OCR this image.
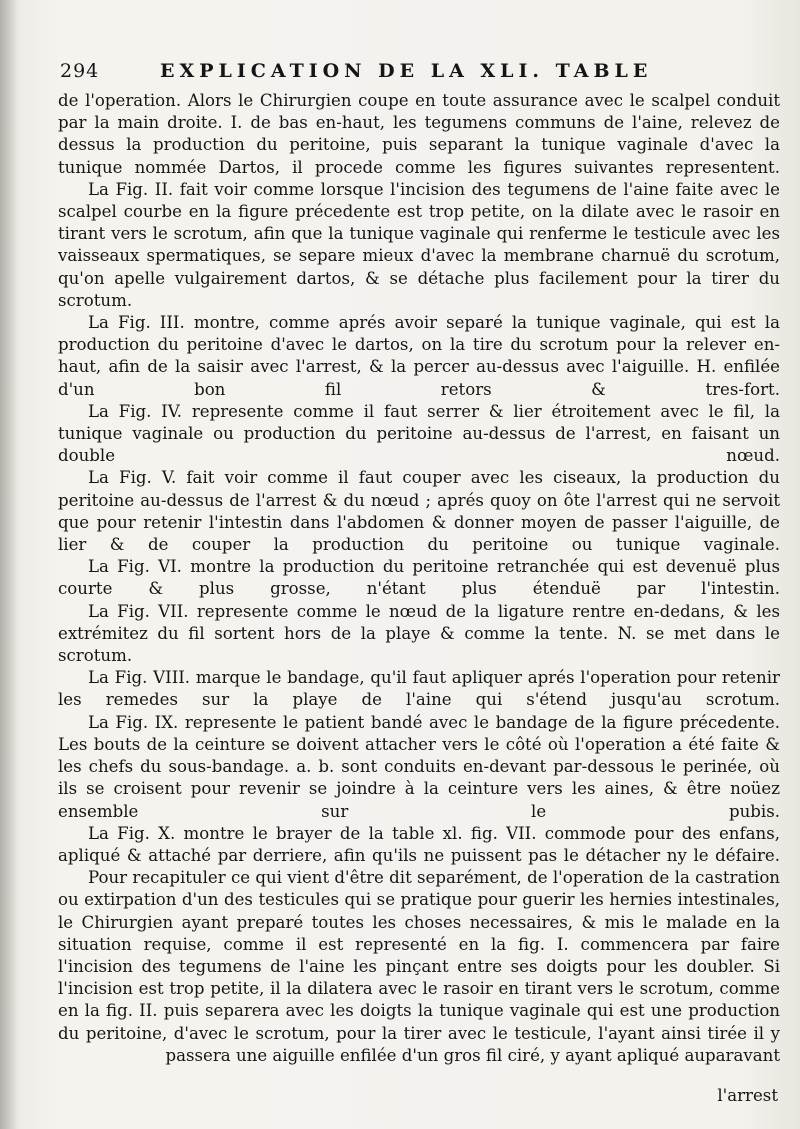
294	EXPLICATION DE LA XLI. TABLE

de l'operation. Alors le Chirurgien coupe en toute assurance avec le scalpel conduit par la main droite. I. de bas en-haut, les tegumens communs de l'aine, relevez de dessus la production du peritoine, puis separant la tunique vaginale d'avec la tunique nommée Dartos, il procede comme les figures suivantes representent.

La Fig. II. fait voir comme lorsque l'incision des tegumens de l'aine faite avec le scalpel courbe en la figure précedente est trop petite, on la dilate avec le rasoir en tirant vers le scrotum, afin que la tunique vaginale qui renferme le testicule avec les vaisseaux spermatiques, se separe mieux d'avec la membrane charnuë du scrotum, qu'on apelle vulgairement dartos, & se détache plus facilement pour la tirer du scrotum.

La Fig. III. montre, comme aprés avoir separé la tunique vaginale, qui est la production du peritoine d'avec le dartos, on la tire du scrotum pour la relever en-haut, afin de la saisir avec l'arrest, & la percer au-dessus avec l'aiguille. H. enfilée d'un bon fil retors & tres-fort.

La Fig. IV. represente comme il faut serrer & lier étroitement avec le fil, la tunique vaginale ou production du peritoine au-dessus de l'arrest, en faisant un double nœud.

La Fig. V. fait voir comme il faut couper avec les ciseaux, la production du peritoine au-dessus de l'arrest & du nœud ; aprés quoy on ôte l'arrest qui ne servoit que pour retenir l'intestin dans l'abdomen & donner moyen de passer l'aiguille, de lier & de couper la production du peritoine ou tunique vaginale.

La Fig. VI. montre la production du peritoine retranchée qui est devenuë plus courte & plus grosse, n'étant plus étenduë par l'intestin.

La Fig. VII. represente comme le nœud de la ligature rentre en-dedans, & les extrémitez du fil sortent hors de la playe & comme la tente. N. se met dans le scrotum.

La Fig. VIII. marque le bandage, qu'il faut apliquer aprés l'operation pour retenir les remedes sur la playe de l'aine qui s'étend jusqu'au scrotum.

La Fig. IX. represente le patient bandé avec le bandage de la figure précedente. Les bouts de la ceinture se doivent attacher vers le côté où l'operation a été faite & les chefs du sous-bandage. a. b. sont conduits en-devant par-dessous le perinée, où ils se croisent pour revenir se joindre à la ceinture vers les aines, & être noüez ensemble sur le pubis.

La Fig. X. montre le brayer de la table xl. fig. VII. commode pour des enfans, apliqué & attaché par derriere, afin qu'ils ne puissent pas le détacher ny le défaire.

Pour recapituler ce qui vient d'être dit separément, de l'operation de la castration ou extirpation d'un des testicules qui se pratique pour guerir les hernies intestinales, le Chirurgien ayant preparé toutes les choses necessaires, & mis le malade en la situation requise, comme il est representé en la fig. I. commencera par faire l'incision des tegumens de l'aine les pinçant entre ses doigts pour les doubler. Si l'incision est trop petite, il la dilatera avec le rasoir en tirant vers le scrotum, comme en la fig. II. puis separera avec les doigts la tunique vaginale qui est une production du peritoine, d'avec le scrotum, pour la tirer avec le testicule, l'ayant ainsi tirée il y passera une aiguille enfilée d'un gros fil ciré, y ayant apliqué auparavant

l'arrest
